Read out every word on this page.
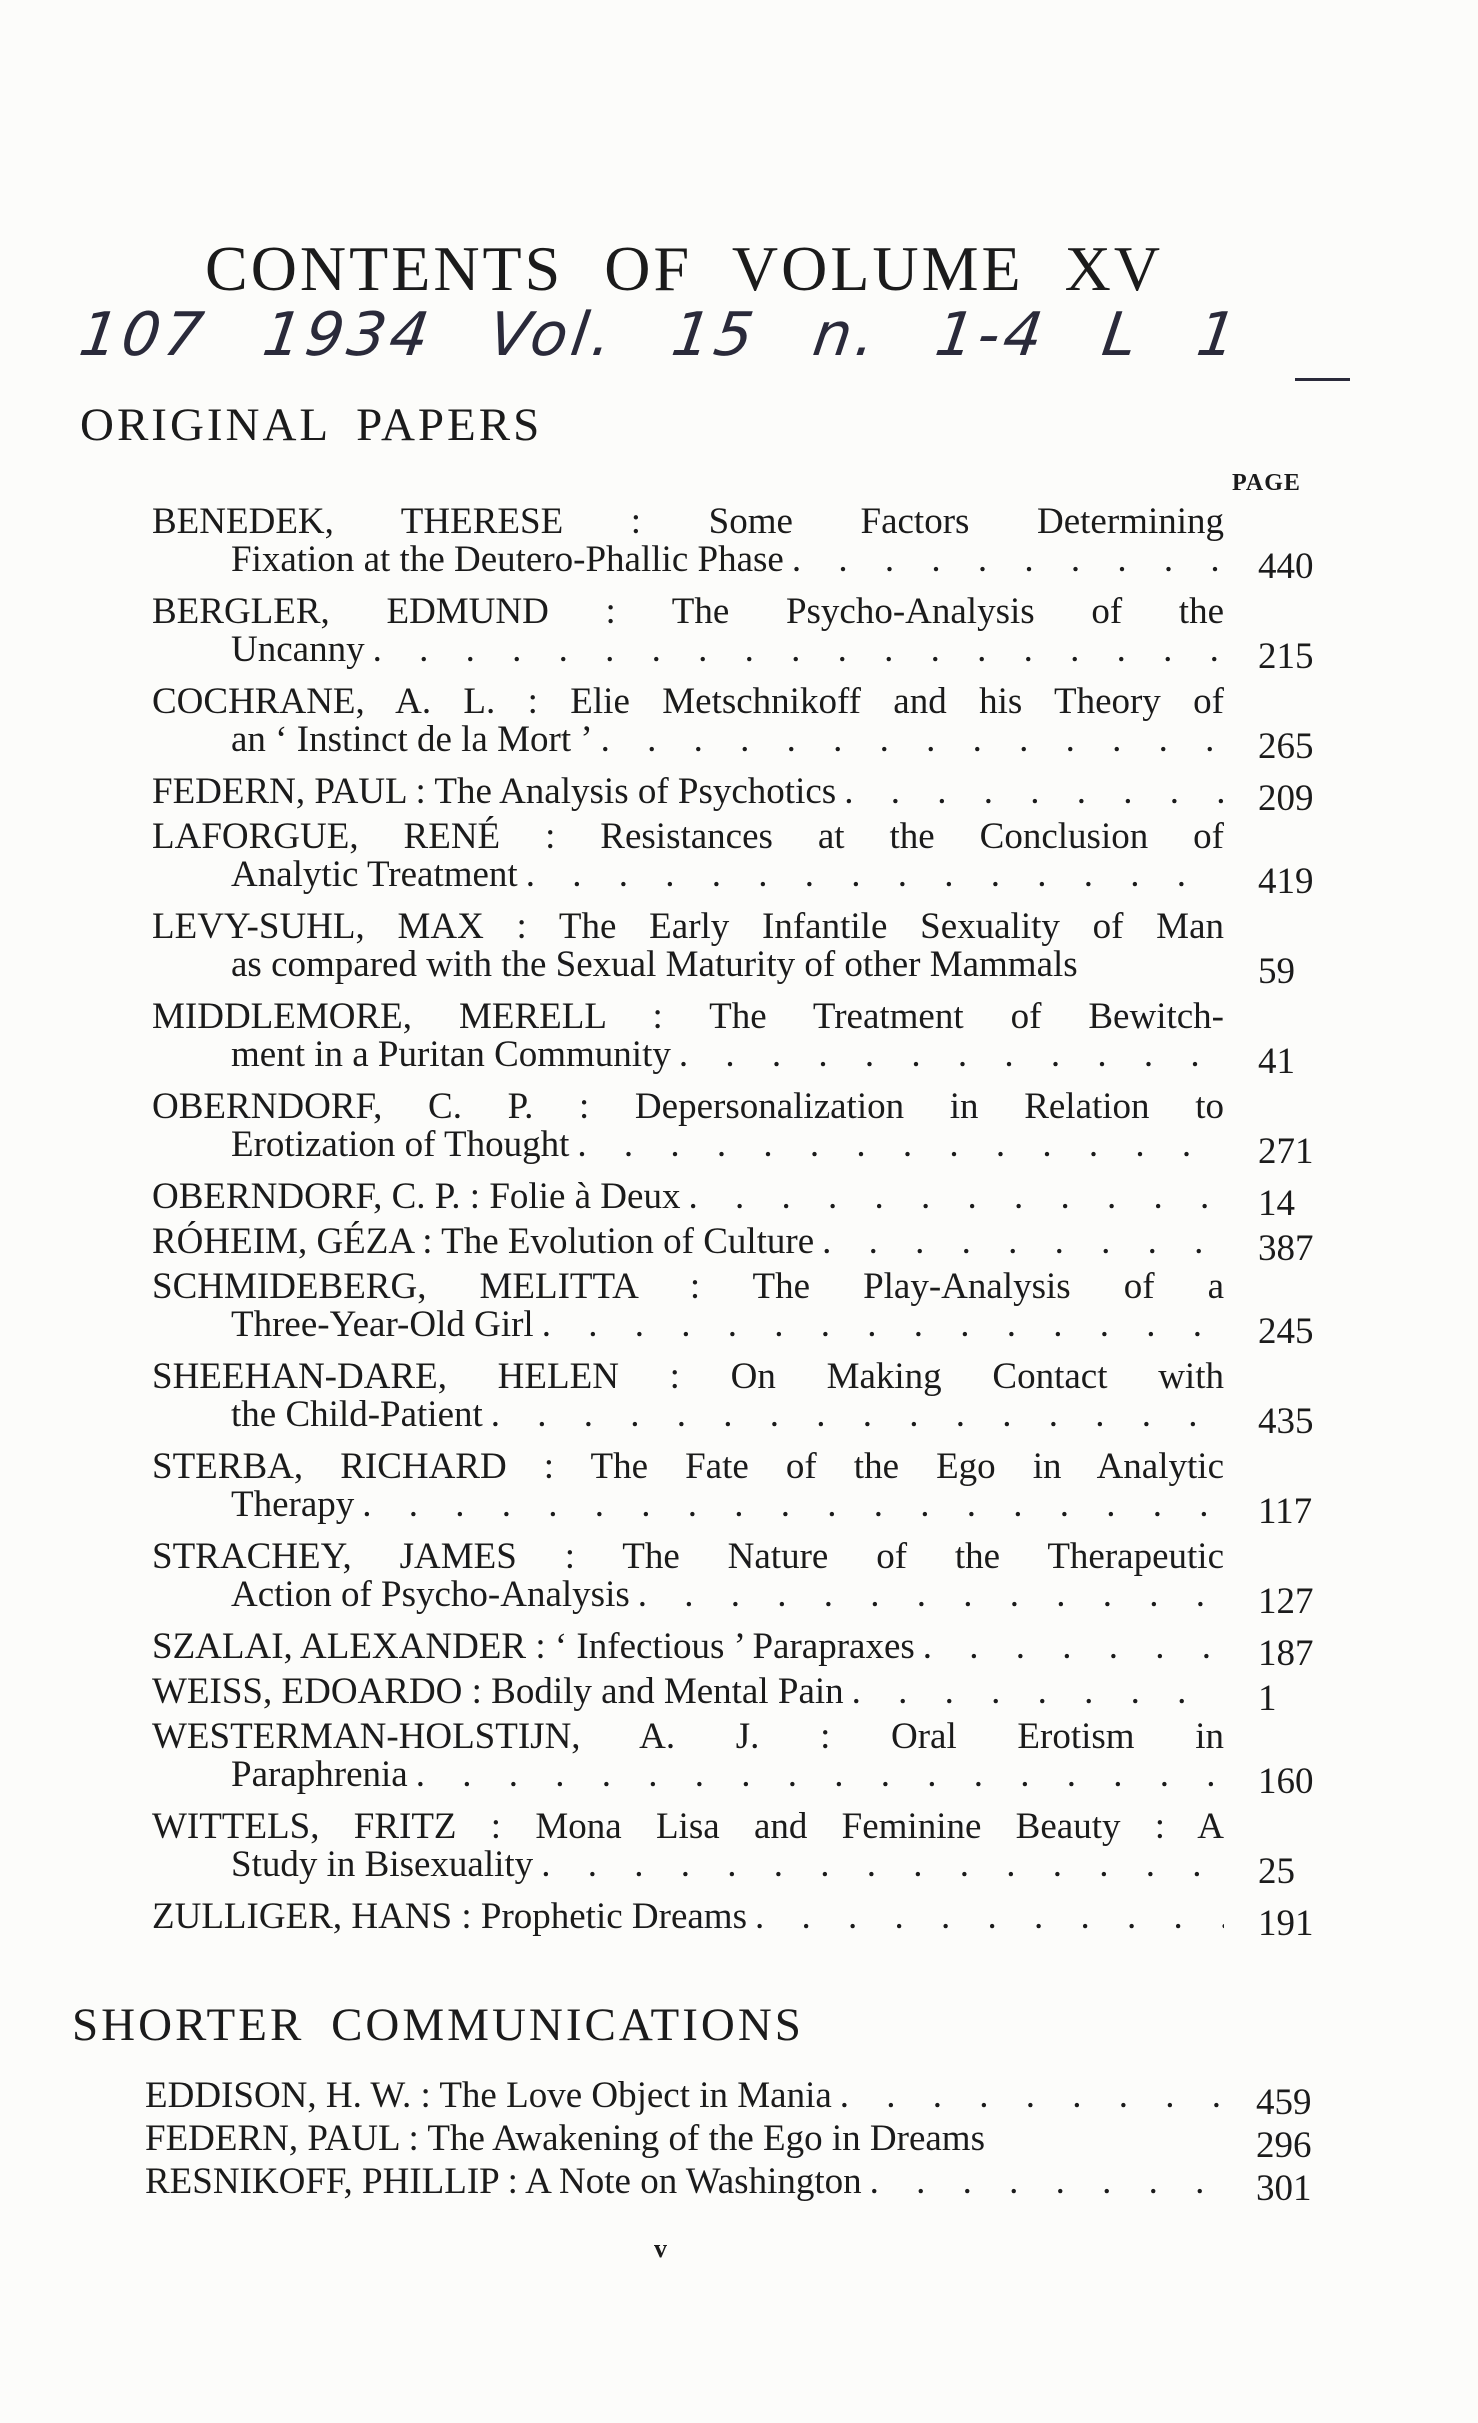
CONTENTS OF VOLUME XV
107 1934 Vol. 15 n. 1-4 L 1
ORIGINAL PAPERS
PAGE
BENEDEK, THERESE : Some Factors Determining
Fixation at the Deutero-Phallic Phase . . .	440
BERGLER, EDMUND : The Psycho-Analysis of the
Uncanny . . .	215
COCHRANE, A. L. : Elie Metschnikoff and his Theory of
an ‘ Instinct de la Mort ’ . . .	265
FEDERN, PAUL : The Analysis of Psychotics . . .	209
LAFORGUE, RENÉ : Resistances at the Conclusion of
Analytic Treatment . . .	419
LEVY-SUHL, MAX : The Early Infantile Sexuality of Man
as compared with the Sexual Maturity of other Mammals	59
MIDDLEMORE, MERELL : The Treatment of Bewitch-
ment in a Puritan Community . . .	41
OBERNDORF, C. P. : Depersonalization in Relation to
Erotization of Thought . . .	271
OBERNDORF, C. P. : Folie à Deux . . .	14
RÓHEIM, GÉZA : The Evolution of Culture . . .	387
SCHMIDEBERG, MELITTA : The Play-Analysis of a
Three-Year-Old Girl . . .	245
SHEEHAN-DARE, HELEN : On Making Contact with
the Child-Patient . . .	435
STERBA, RICHARD : The Fate of the Ego in Analytic
Therapy . . .	117
STRACHEY, JAMES : The Nature of the Therapeutic
Action of Psycho-Analysis . . .	127
SZALAI, ALEXANDER : ‘ Infectious ’ Parapraxes . . .	187
WEISS, EDOARDO : Bodily and Mental Pain . . .	1
WESTERMAN-HOLSTIJN, A. J. : Oral Erotism in
Paraphrenia . . .	160
WITTELS, FRITZ : Mona Lisa and Feminine Beauty : A
Study in Bisexuality . . .	25
ZULLIGER, HANS : Prophetic Dreams . . .	191
SHORTER COMMUNICATIONS
EDDISON, H. W. : The Love Object in Mania . . .	459
FEDERN, PAUL : The Awakening of the Ego in Dreams	296
RESNIKOFF, PHILLIP : A Note on Washington . . .	301
v
